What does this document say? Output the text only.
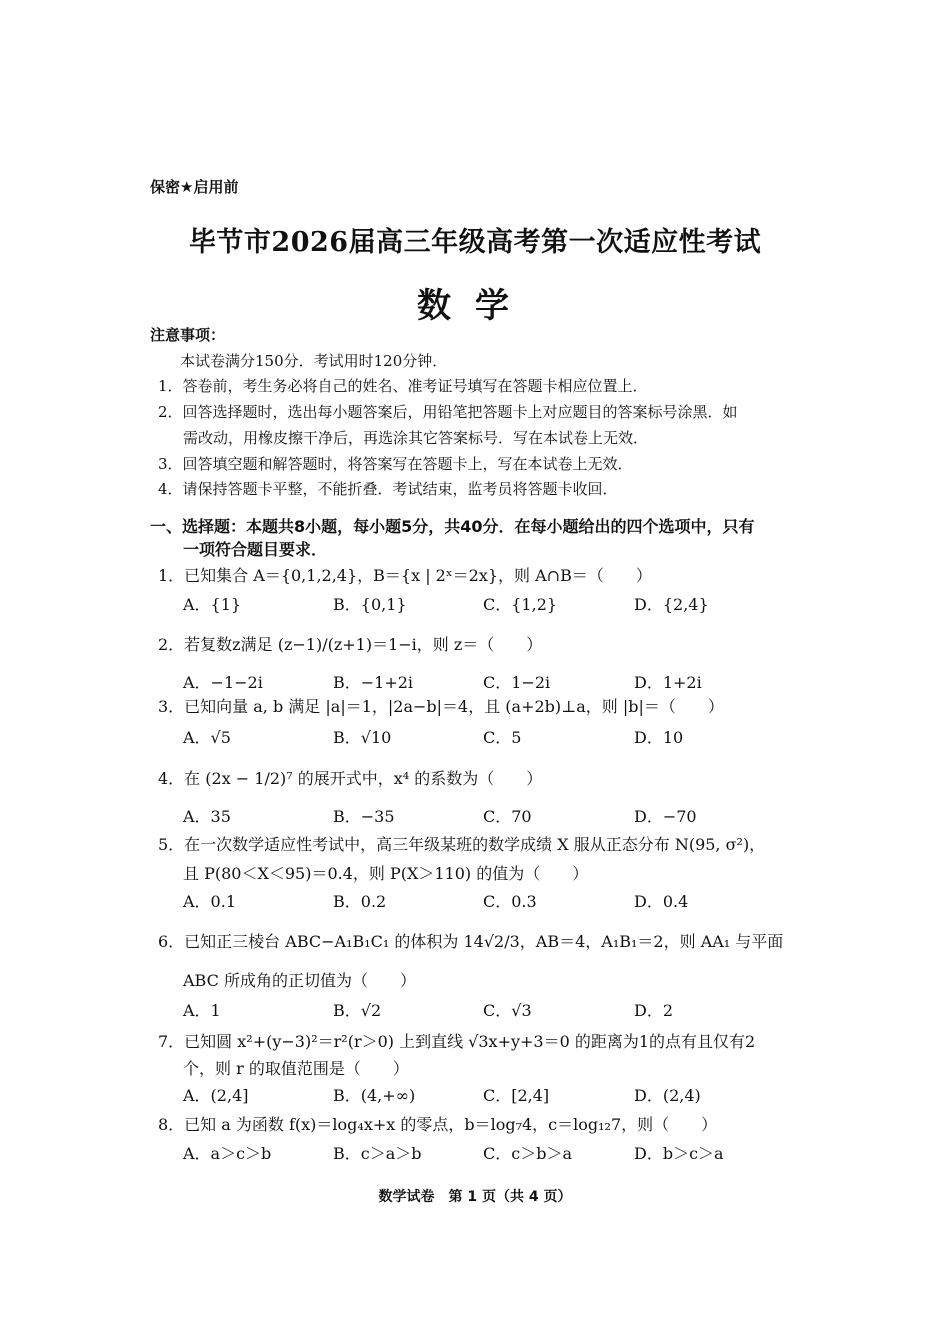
保密★启用前
毕节市2026届高三年级高考第一次适应性考试
数学
注意事项：
本试卷满分150分．考试用时120分钟．
1．答卷前，考生务必将自己的姓名、准考证号填写在答题卡相应位置上．
2．回答选择题时，选出每小题答案后，用铅笔把答题卡上对应题目的答案标号涂黑．如
需改动，用橡皮擦干净后，再选涂其它答案标号．写在本试卷上无效．
3．回答填空题和解答题时，将答案写在答题卡上，写在本试卷上无效．
4．请保持答题卡平整，不能折叠．考试结束，监考员将答题卡收回．
一、选择题：本题共8小题，每小题5分，共40分．在每小题给出的四个选项中，只有
一项符合题目要求．
1．已知集合 A＝{0,1,2,4}，B＝{x | 2ˣ＝2x}，则 A∩B＝（　　）
A．{1}	B．{0,1}	C．{1,2}	D．{2,4}
2．若复数z满足 (z−1)/(z+1)＝1−i，则 z＝（　　）
A．−1−2i	B．−1+2i	C．1−2i	D．1+2i
3．已知向量 a, b 满足 |a|＝1，|2a−b|＝4，且 (a+2b)⊥a，则 |b|＝（　　）
A．√5	B．√10	C．5	D．10
4．在 (2x − 1/2)⁷ 的展开式中，x⁴ 的系数为（　　）
A．35	B．−35	C．70	D．−70
5．在一次数学适应性考试中，高三年级某班的数学成绩 X 服从正态分布 N(95, σ²)，
且 P(80＜X＜95)＝0.4，则 P(X＞110) 的值为（　　）
A．0.1	B．0.2	C．0.3	D．0.4
6．已知正三棱台 ABC−A₁B₁C₁ 的体积为 14√2/3，AB＝4，A₁B₁＝2，则 AA₁ 与平面
ABC 所成角的正切值为（　　）
A．1	B．√2	C．√3	D．2
7．已知圆 x²+(y−3)²＝r²(r＞0) 上到直线 √3x+y+3＝0 的距离为1的点有且仅有2
个，则 r 的取值范围是（　　）
A．(2,4]	B．(4,+∞)	C．[2,4]	D．(2,4)
8．已知 a 为函数 f(x)＝log₄x+x 的零点，b＝log₇4，c＝log₁₂7，则（　　）
A．a＞c＞b	B．c＞a＞b	C．c＞b＞a	D．b＞c＞a
数学试卷　第 1 页（共 4 页）
